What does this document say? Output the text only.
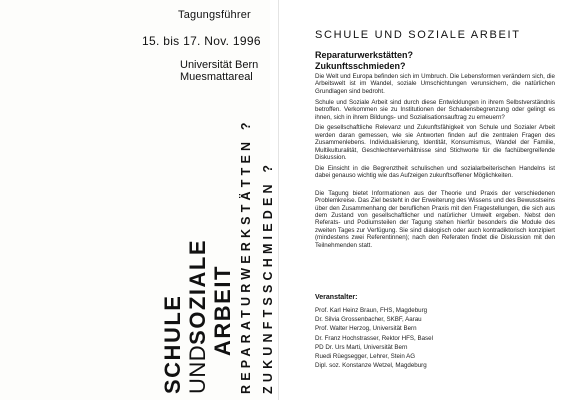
Tagungsführer
15. bis 17. Nov. 1996
Universität Bern
Muesmattareal
SCHULE UNDSOZIALE ARBEIT REPARATURWERKSTÄTTEN ? ZUKUNFTSSCHMIEDEN ?
SCHULE UND SOZIALE ARBEIT
Reparaturwerkstätten?
Zukunftsschmieden?

Die Welt und Europa befinden sich im Umbruch. Die Lebensformen verändern sich, die Arbeitswelt ist im Wandel, soziale Umschichtungen verunsichern, die natürlichen Grundlagen sind bedroht.

Schule und Soziale Arbeit sind durch diese Entwicklungen in ihrem Selbstverständnis betroffen. Verkommen sie zu Institutionen der Schadensbegrenzung oder gelingt es ihnen, sich in ihrem Bildungs- und Sozialisationsauftrag zu erneuern?

Die gesellschaftliche Relevanz und Zukunftsfähigkeit von Schule und Sozialer Arbeit werden daran gemessen, wie sie Antworten finden auf die zentralen Fragen des Zusammenlebens. Individualisierung, Identität, Konsumismus, Wandel der Familie, Multikulturalität, Geschlechterverhältnisse sind Stichworte für die fachübergreifende Diskussion.

Die Einsicht in die Begrenztheit schulischen und sozialarbeiterischen Handelns ist dabei genauso wichtig wie das Aufzeigen zukunftsoffener Möglichkeiten.

Die Tagung bietet Informationen aus der Theorie und Praxis der verschiedenen Problemkreise. Das Ziel besteht in der Erweiterung des Wissens und des Bewusstseins über den Zusammenhang der beruflichen Praxis mit den Fragestellungen, die sich aus dem Zustand von gesellschaftlicher und natürlicher Umwelt ergeben. Nebst den Referats- und Podiumsteilen der Tagung stehen hierfür besonders die Module des zweiten Tages zur Verfügung. Sie sind dialogisch oder auch kontradiktorisch konzipiert (mindestens zwei Referentinnen); nach den Referaten findet die Diskussion mit den Teilnehmenden statt.

Veranstalter:
Prof. Karl Heinz Braun, FHS, Magdeburg
Dr. Silvia Grossenbacher, SKBF, Aarau
Prof. Walter Herzog, Universität Bern
Dr. Franz Hochstrasser, Rektor HFS, Basel
PD Dr. Urs Marti, Universität Bern
Ruedi Rüegsegger, Lehrer, Stein AG
Dipl. soz. Konstanze Wetzel, Magdeburg
